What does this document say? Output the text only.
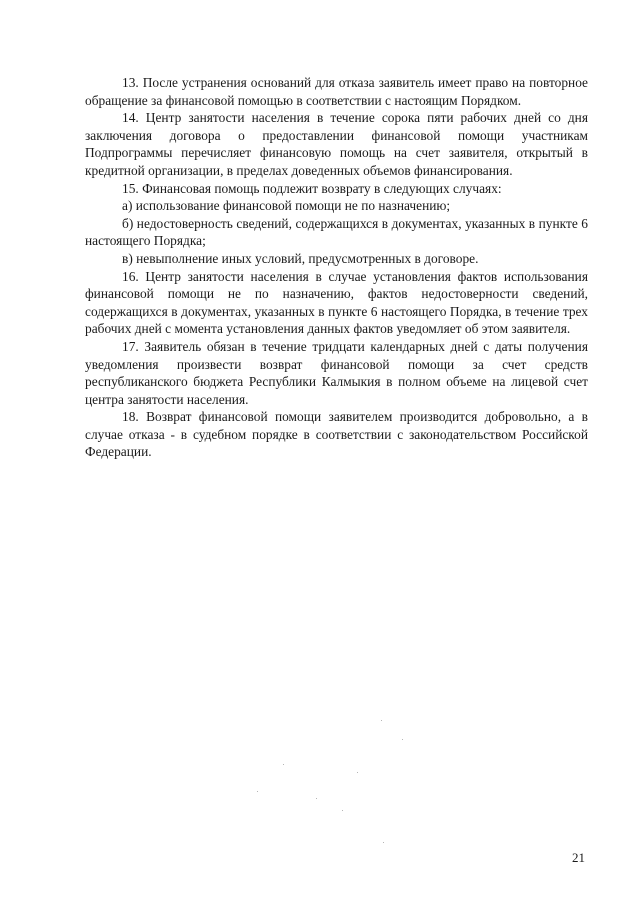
13. После устранения оснований для отказа заявитель имеет право на повторное обращение за финансовой помощью в соответствии с настоящим Порядком.

14. Центр занятости населения в течение сорока пяти рабочих дней со дня заключения договора о предоставлении финансовой помощи участникам Подпрограммы перечисляет финансовую помощь на счет заявителя, открытый в кредитной организации, в пределах доведенных объемов финансирования.

15. Финансовая помощь подлежит возврату в следующих случаях:

а) использование финансовой помощи не по назначению;

б) недостоверность сведений, содержащихся в документах, указанных в пункте 6 настоящего Порядка;

в) невыполнение иных условий, предусмотренных в договоре.

16. Центр занятости населения в случае установления фактов использования финансовой помощи не по назначению, фактов недостоверности сведений, содержащихся в документах, указанных в пункте 6 настоящего Порядка, в течение трех рабочих дней с момента установления данных фактов уведомляет об этом заявителя.

17. Заявитель обязан в течение тридцати календарных дней с даты получения уведомления произвести возврат финансовой помощи за счет средств республиканского бюджета Республики Калмыкия в полном объеме на лицевой счет центра занятости населения.

18. Возврат финансовой помощи заявителем производится добровольно, а в случае отказа - в судебном порядке в соответствии с законодательством Российской Федерации.

21
